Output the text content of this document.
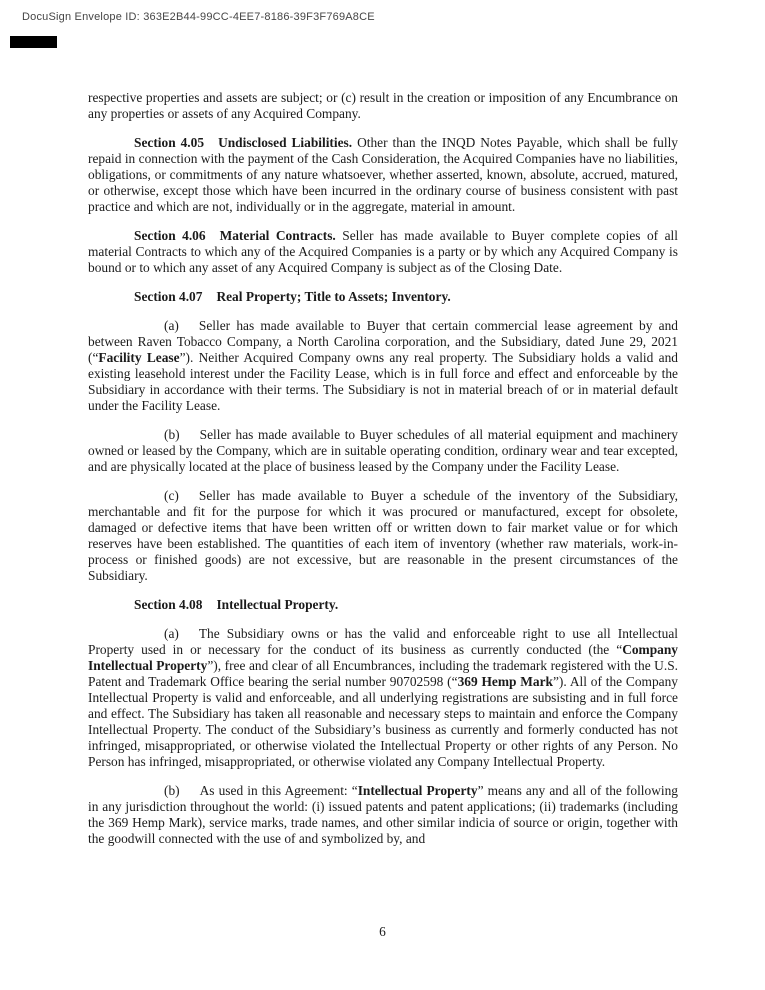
DocuSign Envelope ID: 363E2B44-99CC-4EE7-8186-39F3F769A8CE

respective properties and assets are subject; or (c) result in the creation or imposition of any Encumbrance on any properties or assets of any Acquired Company.

Section 4.05 Undisclosed Liabilities. Other than the INQD Notes Payable, which shall be fully repaid in connection with the payment of the Cash Consideration, the Acquired Companies have no liabilities, obligations, or commitments of any nature whatsoever, whether asserted, known, absolute, accrued, matured, or otherwise, except those which have been incurred in the ordinary course of business consistent with past practice and which are not, individually or in the aggregate, material in amount.

Section 4.06 Material Contracts. Seller has made available to Buyer complete copies of all material Contracts to which any of the Acquired Companies is a party or by which any Acquired Company is bound or to which any asset of any Acquired Company is subject as of the Closing Date.

Section 4.07 Real Property; Title to Assets; Inventory.

(a) Seller has made available to Buyer that certain commercial lease agreement by and between Raven Tobacco Company, a North Carolina corporation, and the Subsidiary, dated June 29, 2021 (“Facility Lease”). Neither Acquired Company owns any real property. The Subsidiary holds a valid and existing leasehold interest under the Facility Lease, which is in full force and effect and enforceable by the Subsidiary in accordance with their terms. The Subsidiary is not in material breach of or in material default under the Facility Lease.

(b) Seller has made available to Buyer schedules of all material equipment and machinery owned or leased by the Company, which are in suitable operating condition, ordinary wear and tear excepted, and are physically located at the place of business leased by the Company under the Facility Lease.

(c) Seller has made available to Buyer a schedule of the inventory of the Subsidiary, merchantable and fit for the purpose for which it was procured or manufactured, except for obsolete, damaged or defective items that have been written off or written down to fair market value or for which reserves have been established. The quantities of each item of inventory (whether raw materials, work-in-process or finished goods) are not excessive, but are reasonable in the present circumstances of the Subsidiary.

Section 4.08 Intellectual Property.

(a) The Subsidiary owns or has the valid and enforceable right to use all Intellectual Property used in or necessary for the conduct of its business as currently conducted (the “Company Intellectual Property”), free and clear of all Encumbrances, including the trademark registered with the U.S. Patent and Trademark Office bearing the serial number 90702598 (“369 Hemp Mark”). All of the Company Intellectual Property is valid and enforceable, and all underlying registrations are subsisting and in full force and effect. The Subsidiary has taken all reasonable and necessary steps to maintain and enforce the Company Intellectual Property. The conduct of the Subsidiary’s business as currently and formerly conducted has not infringed, misappropriated, or otherwise violated the Intellectual Property or other rights of any Person. No Person has infringed, misappropriated, or otherwise violated any Company Intellectual Property.

(b) As used in this Agreement: “Intellectual Property” means any and all of the following in any jurisdiction throughout the world: (i) issued patents and patent applications; (ii) trademarks (including the 369 Hemp Mark), service marks, trade names, and other similar indicia of source or origin, together with the goodwill connected with the use of and symbolized by, and

6
